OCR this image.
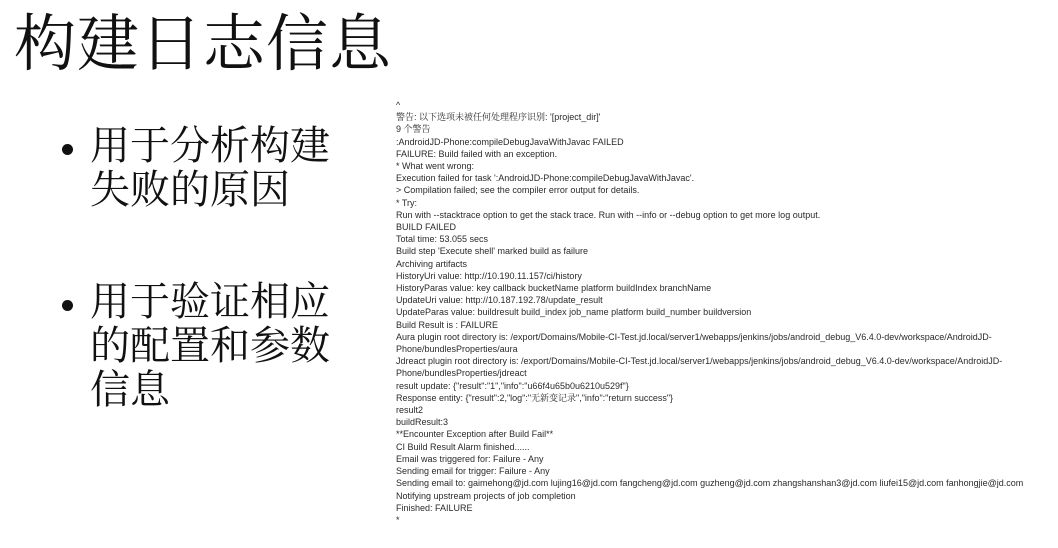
构建日志信息
用于分析构建失败的原因
用于验证相应的配置和参数信息
^
警告: 以下选项未被任何处理程序识别: '[project_dir]'
9 个警告
:AndroidJD-Phone:compileDebugJavaWithJavac FAILED
FAILURE: Build failed with an exception.
* What went wrong:
Execution failed for task ':AndroidJD-Phone:compileDebugJavaWithJavac'.
> Compilation failed; see the compiler error output for details.
* Try:
Run with --stacktrace option to get the stack trace. Run with --info or --debug option to get more log output.
BUILD FAILED
Total time: 53.055 secs
Build step 'Execute shell' marked build as failure
Archiving artifacts
HistoryUri value: http://10.190.11.157/ci/history
HistoryParas value: key callback bucketName platform buildIndex branchName
UpdateUri value: http://10.187.192.78/update_result
UpdateParas value: buildresult build_index job_name platform build_number buildversion
Build Result is : FAILURE
Aura plugin root directory is: /export/Domains/Mobile-CI-Test.jd.local/server1/webapps/jenkins/jobs/android_debug_V6.4.0-dev/workspace/AndroidJD-
Phone/bundlesProperties/aura
Jdreact plugin root directory is: /export/Domains/Mobile-CI-Test.jd.local/server1/webapps/jenkins/jobs/android_debug_V6.4.0-dev/workspace/AndroidJD-
Phone/bundlesProperties/jdreact
result update: {"result":"1","info":"u66f4u65b0u6210u529f"}
Response entity: {"result":2,"log":"无新变记录","info":"return success"}
result2
buildResult:3
**Encounter Exception after Build Fail**
CI Build Result Alarm finished......
Email was triggered for: Failure - Any
Sending email for trigger: Failure - Any
Sending email to: gaimehong@jd.com lujing16@jd.com fangcheng@jd.com guzheng@jd.com zhangshanshan3@jd.com liufei15@jd.com fanhongjie@jd.com
Notifying upstream projects of job completion
Finished: FAILURE
*
